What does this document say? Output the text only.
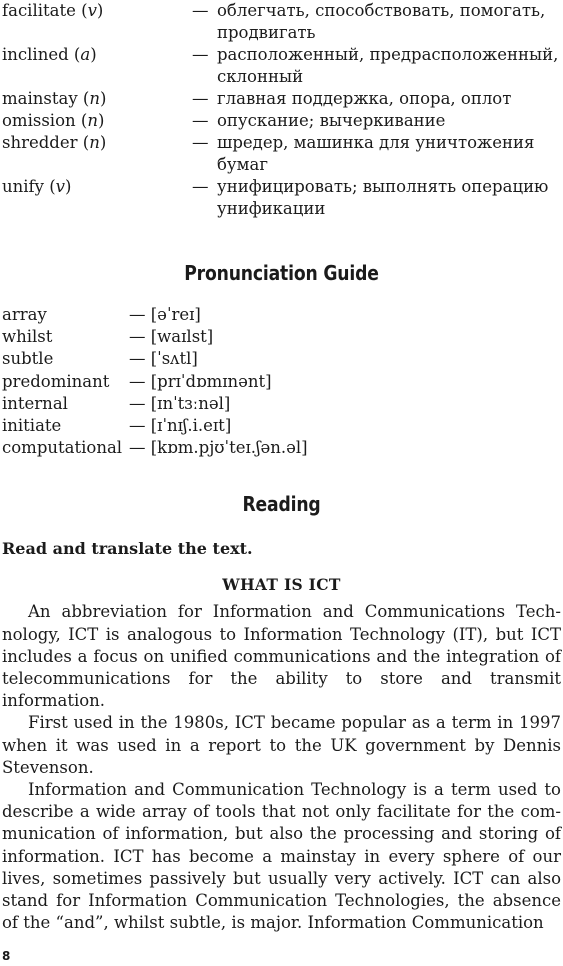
facilitate (v)	— облегчать, способствовать, помогать, продвигать
inclined (a)	— расположенный, предрасположенный, склонный
mainstay (n)	— главная поддержка, опора, оплот
omission (n)	— опускание; вычеркивание
shredder (n)	— шредер, машинка для уничтожения бумаг
unify (v)	— унифицировать; выполнять операцию унификации
Pronunciation Guide
array	— [əˈreɪ]
whilst	— [waɪlst]
subtle	— [ˈsʌtl]
predominant	— [prɪˈdɒmɪnənt]
internal	— [ɪnˈtɜːnəl]
initiate	— [ɪˈnɪʃ.i.eɪt]
computational — [kɒm.pjʊˈteɪ.ʃən.əl]
Reading
Read and translate the text.
WHAT IS ICT

An abbreviation for Information and Communications Technology, ICT is analogous to Information Technology (IT), but ICT includes a focus on unified communications and the integration of telecommunications for the ability to store and transmit information.

First used in the 1980s, ICT became popular as a term in 1997 when it was used in a report to the UK government by Dennis Stevenson.

Information and Communication Technology is a term used to describe a wide array of tools that not only facilitate for the communication of information, but also the processing and storing of information. ICT has become a mainstay in every sphere of our lives, sometimes passively but usually very actively. ICT can also stand for Information Communication Technologies, the absence of the “and”, whilst subtle, is major. Information Communication

8
